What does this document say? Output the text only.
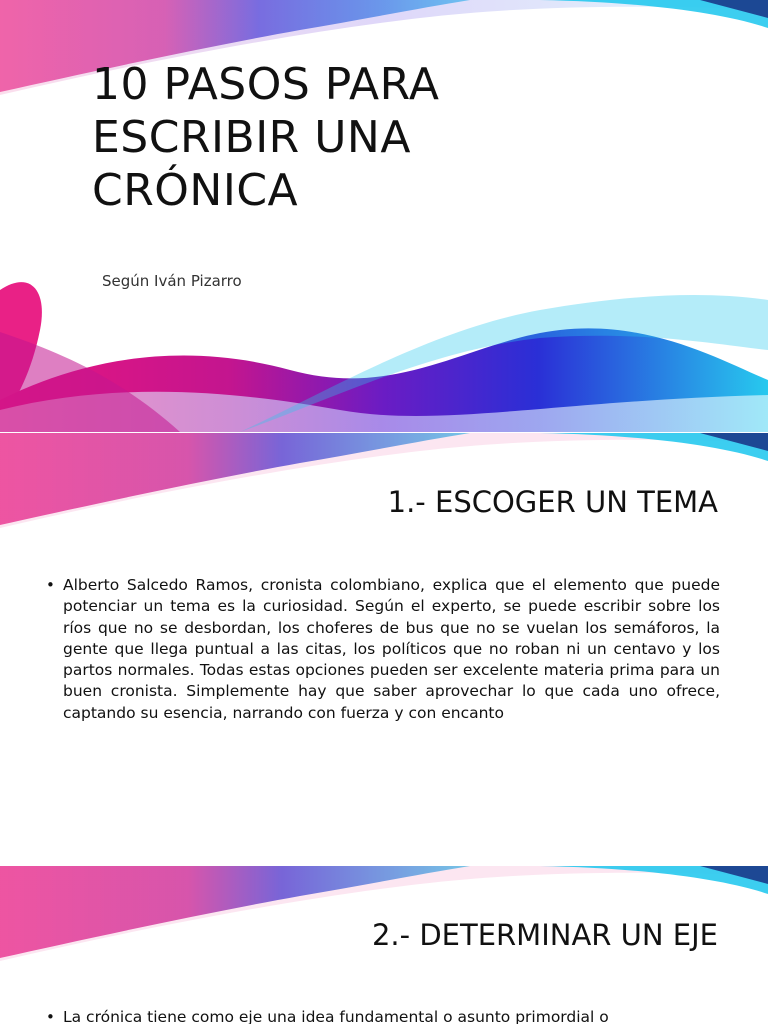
10 PASOS PARA
ESCRIBIR UNA
CRÓNICA
Según Iván Pizarro
1.- ESCOGER UN TEMA
• Alberto Salcedo Ramos, cronista colombiano, explica que el elemento que puede potenciar un tema es la curiosidad. Según el experto, se puede escribir sobre los ríos que no se desbordan, los choferes de bus que no se vuelan los semáforos, la gente que llega puntual a las citas, los políticos que no roban ni un centavo y los partos normales. Todas estas opciones pueden ser excelente materia prima para un buen cronista. Simplemente hay que saber aprovechar lo que cada uno ofrece, captando su esencia, narrando con fuerza y con encanto
2.- DETERMINAR UN EJE
• La crónica tiene como eje una idea fundamental o asunto primordial o
